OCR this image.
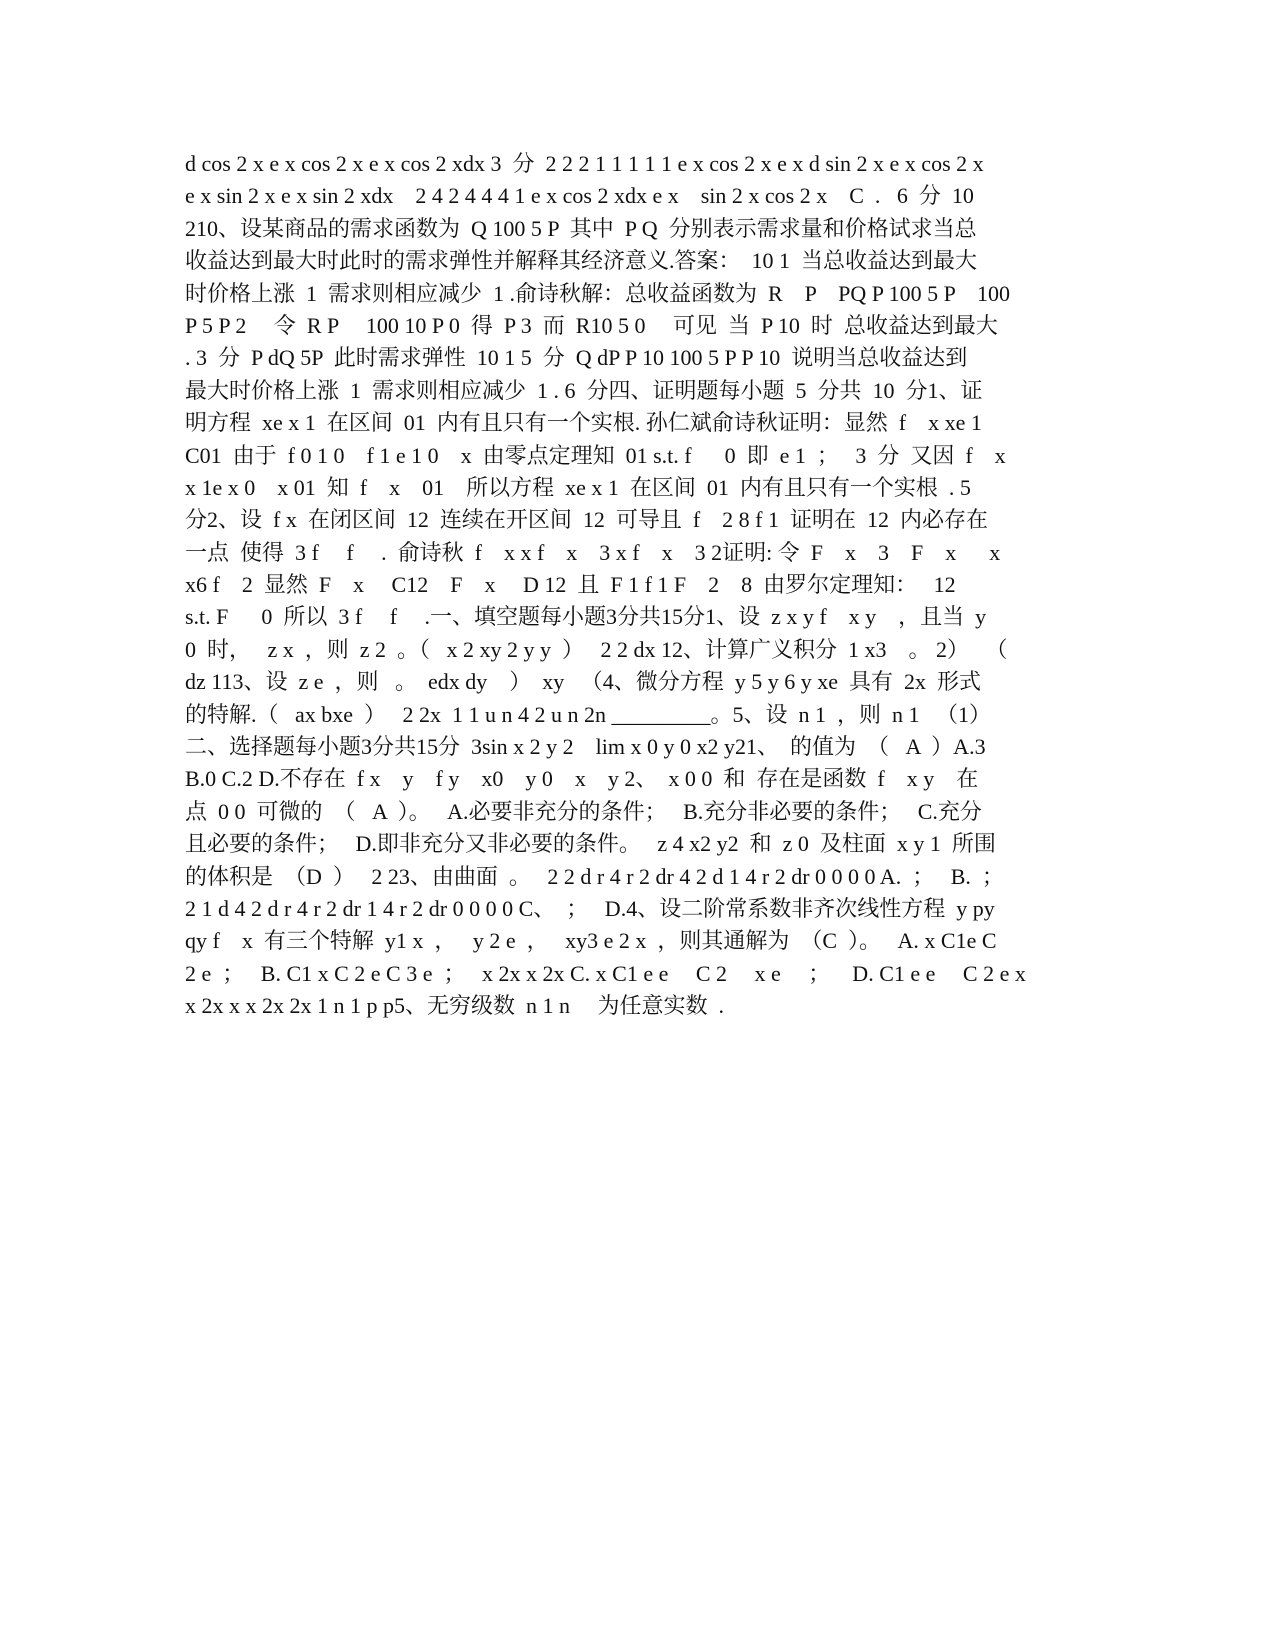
d cos 2 x e x cos 2 x e x cos 2 xdx 3  分  2 2 2 1 1 1 1 1 e x cos 2 x e x d sin 2 x e x cos 2 x
e x sin 2 x e x sin 2 xdx    2 4 2 4 4 4 1 e x cos 2 xdx e x    sin 2 x cos 2 x    C  .   6  分  10
210、设某商品的需求函数为  Q 100 5 P  其中  P Q  分别表示需求量和价格试求当总
收益达到最大时此时的需求弹性并解释其经济意义.答案：  10 1  当总收益达到最大
时价格上涨  1  需求则相应减少  1 .俞诗秋解：总收益函数为  R    P    PQ P 100 5 P    100
P 5 P 2     令  R P     100 10 P 0  得  P 3  而  R10 5 0     可见  当  P 10  时  总收益达到最大
. 3  分  P dQ 5P  此时需求弹性  10 1 5  分  Q dP P 10 100 5 P P 10  说明当总收益达到
最大时价格上涨  1  需求则相应减少  1 . 6  分四、证明题每小题  5  分共  10  分1、证
明方程  xe x 1  在区间  01  内有且只有一个实根. 孙仁斌俞诗秋证明：显然  f    x xe 1
C01  由于  f 0 1 0    f 1 e 1 0    x  由零点定理知  01 s.t. f      0  即  e 1  ；   3  分  又因  f    x
x 1e x 0    x 01  知  f    x    01    所以方程  xe x 1  在区间  01  内有且只有一个实根  . 5
分2、设  f x  在闭区间  12  连续在开区间  12  可导且  f    2 8 f 1  证明在  12  内必存在
一点  使得  3 f     f     .  俞诗秋  f    x x f    x    3 x f    x    3 2证明: 令  F    x    3    F    x      x
x6 f    2  显然  F    x     C12    F    x     D 12  且  F 1 f 1 F    2    8  由罗尔定理知：   12
s.t. F      0  所以  3 f     f     .一、填空题每小题3分共15分1、设  z x y f    x y    ，且当  y
0  时，   z x  ，则  z 2  。（   x 2 xy 2 y y  ）   2 2 dx 12、计算广义积分  1 x3    。 2）   （
dz 113、设  z e  ，则   。  edx dy    ）  xy   （4、微分方程  y 5 y 6 y xe  具有  2x  形式
的特解.（   ax bxe  ）   2 2x  1 1 u n 4 2 u n 2n _________。5、设  n 1  ，则  n 1   （1）
二、选择题每小题3分共15分  3sin x 2 y 2    lim x 0 y 0 x2 y21、  的值为  （   A  ）A.3
B.0 C.2 D.不存在  f x    y    f y    x0    y 0    x    y 2、  x 0 0  和  存在是函数  f    x y    在
点  0 0  可微的  （   A  ）。   A.必要非充分的条件；   B.充分非必要的条件；   C.充分
且必要的条件；   D.即非充分又非必要的条件。   z 4 x2 y2  和  z 0  及柱面  x y 1  所围
的体积是  （D  ）   2 23、由曲面  。   2 2 d r 4 r 2 dr 4 2 d 1 4 r 2 dr 0 0 0 0 A.  ；   B.  ；
2 1 d 4 2 d r 4 r 2 dr 1 4 r 2 dr 0 0 0 0 C、  ；   D.4、设二阶常系数非齐次线性方程  y py
qy f    x  有三个特解  y1 x  ，   y 2 e  ，   xy3 e 2 x  ，则其通解为  （C  ）。   A. x C1e C
2 e  ；   B. C1 x C 2 e C 3 e  ；   x 2x x 2x C. x C1 e e     C 2     x e     ；    D. C1 e e     C 2 e x
x 2x x x 2x 2x 1 n 1 p p5、无穷级数  n 1 n     为任意实数  .
